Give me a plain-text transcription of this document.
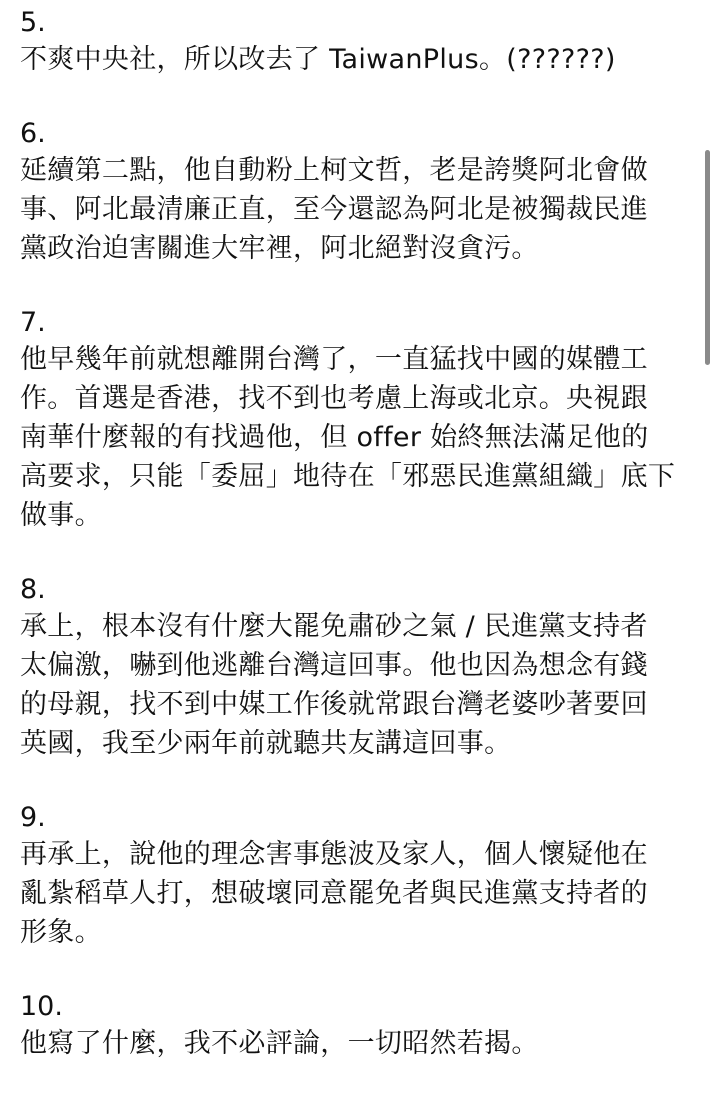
5.
不爽中央社，所以改去了 TaiwanPlus。(??????)
6.
延續第二點，他自動粉上柯文哲，老是誇獎阿北會做
事、阿北最清廉正直，至今還認為阿北是被獨裁民進
黨政治迫害關進大牢裡，阿北絕對沒貪污。
7.
他早幾年前就想離開台灣了，一直猛找中國的媒體工
作。首選是香港，找不到也考慮上海或北京。央視跟
南華什麼報的有找過他，但 offer 始終無法滿足他的
高要求，只能「委屈」地待在「邪惡民進黨組織」底下
做事。
8.
承上，根本沒有什麼大罷免肅砂之氣 / 民進黨支持者
太偏激，嚇到他逃離台灣這回事。他也因為想念有錢
的母親，找不到中媒工作後就常跟台灣老婆吵著要回
英國，我至少兩年前就聽共友講這回事。
9.
再承上，說他的理念害事態波及家人，個人懷疑他在
亂紮稻草人打，想破壞同意罷免者與民進黨支持者的
形象。
10.
他寫了什麼，我不必評論，一切昭然若揭。
